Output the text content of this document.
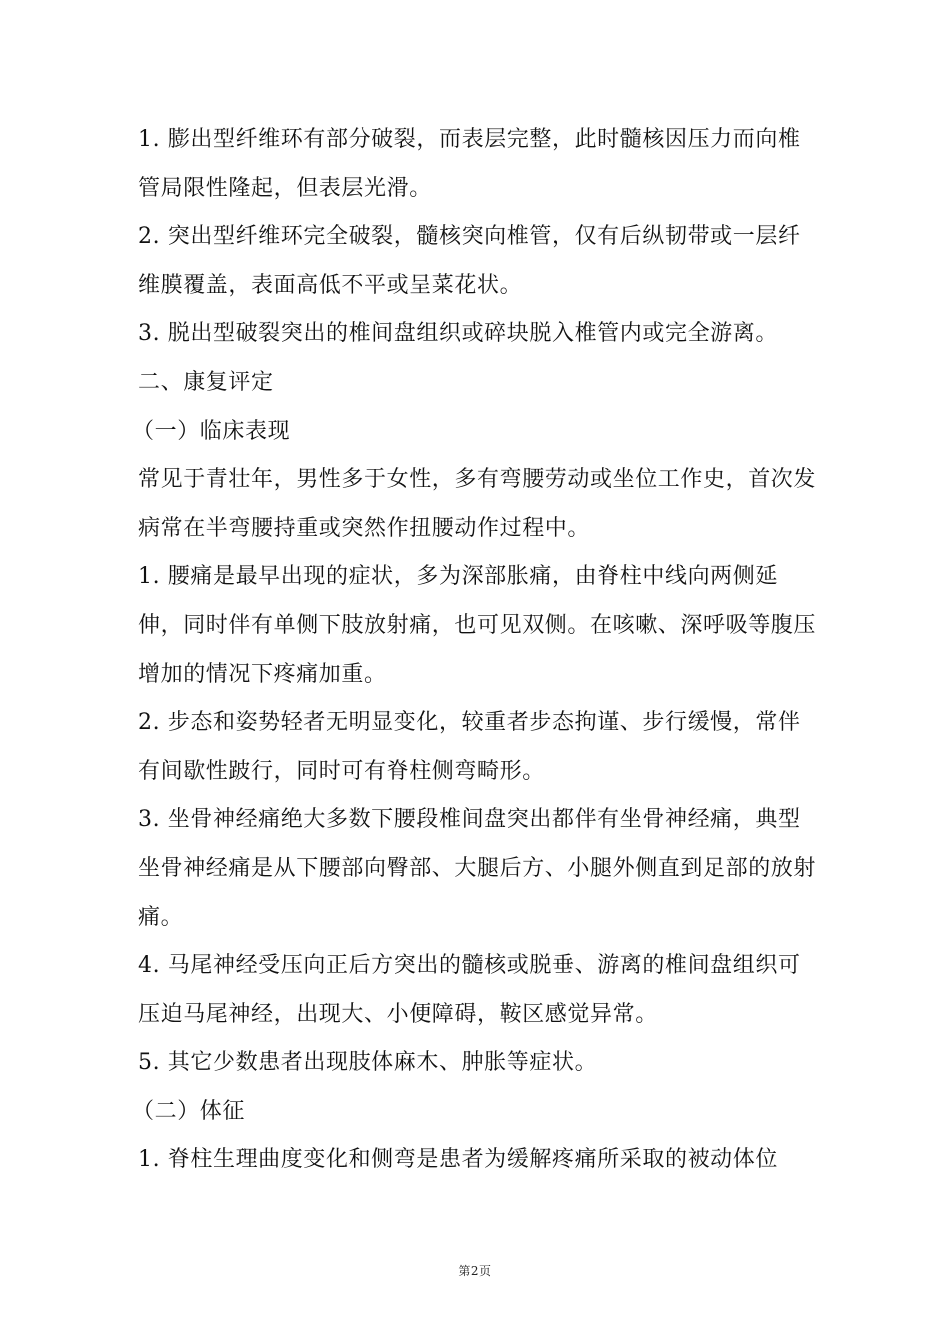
1. 膨出型纤维环有部分破裂，而表层完整，此时髓核因压力而向椎管局限性隆起，但表层光滑。

2. 突出型纤维环完全破裂，髓核突向椎管，仅有后纵韧带或一层纤维膜覆盖，表面高低不平或呈菜花状。

3. 脱出型破裂突出的椎间盘组织或碎块脱入椎管内或完全游离。

二、康复评定

（一）临床表现

常见于青壮年，男性多于女性，多有弯腰劳动或坐位工作史，首次发病常在半弯腰持重或突然作扭腰动作过程中。

1. 腰痛是最早出现的症状，多为深部胀痛，由脊柱中线向两侧延伸，同时伴有单侧下肢放射痛，也可见双侧。在咳嗽、深呼吸等腹压增加的情况下疼痛加重。

2. 步态和姿势轻者无明显变化，较重者步态拘谨、步行缓慢，常伴有间歇性跛行，同时可有脊柱侧弯畸形。

3. 坐骨神经痛绝大多数下腰段椎间盘突出都伴有坐骨神经痛，典型坐骨神经痛是从下腰部向臀部、大腿后方、小腿外侧直到足部的放射痛。

4. 马尾神经受压向正后方突出的髓核或脱垂、游离的椎间盘组织可压迫马尾神经，出现大、小便障碍，鞍区感觉异常。

5. 其它少数患者出现肢体麻木、肿胀等症状。

（二）体征

1. 脊柱生理曲度变化和侧弯是患者为缓解疼痛所采取的被动体位

第2页
